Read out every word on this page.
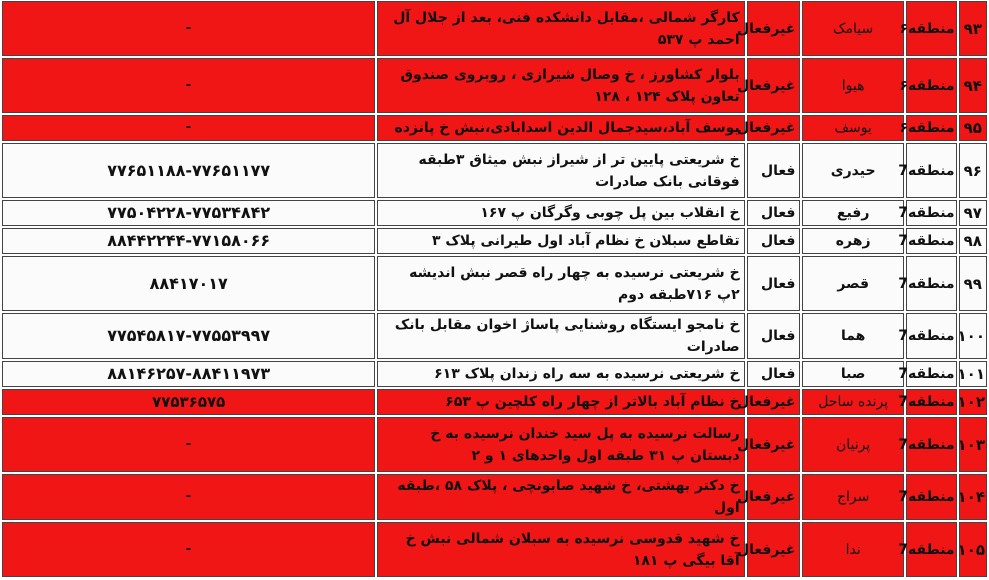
۹۳	منطقه۶	سیامک	غیرفعال	کارگر شمالی ،مقابل دانشکده فنی، بعد از جلال آل احمد پ ۵۳۷	-
۹۴	منطقه۶	هیوا	غیرفعال	بلوار کشاورز ، خ وصال شیرازی ، روبروی صندوق تعاون پلاک ۱۲۴ ، ۱۲۸	-
۹۵	منطقه۶	یوسف	غیرفعال	یوسف آباد،سیدجمال الدین اسدابادی،نبش خ پانزده	-
۹۶	منطقه7	حیدری	فعال	خ شریعتی پایین تر از شیراز نبش میثاق ۳طبقه فوقانی بانک صادرات	۷۷۶۵۱۱۸۸-۷۷۶۵۱۱۷۷
۹۷	منطقه7	رفیع	فعال	خ انقلاب بین پل چوبی وگرگان پ ۱۶۷	۷۷۵۰۴۲۲۸-۷۷۵۳۴۸۴۲
۹۸	منطقه7	زهره	فعال	تقاطع سبلان خ نظام آباد اول طیرانی پلاک ۳	۸۸۴۴۲۲۴۴-۷۷۱۵۸۰۶۶
۹۹	منطقه7	قصر	فعال	خ شریعتی نرسیده به چهار راه قصر نبش اندیشه ۲پ ۷۱۶طبقه دوم	۸۸۴۱۷۰۱۷
۱۰۰	منطقه7	هما	فعال	خ نامجو ایستگاه روشنایی پاساژ اخوان مقابل بانک صادرات	۷۷۵۴۵۸۱۷-۷۷۵۵۳۹۹۷
۱۰۱	منطقه7	صبا	فعال	خ شریعتی نرسیده به سه راه زندان پلاک ۶۱۳	۸۸۱۴۶۲۵۷-۸۸۴۱۱۹۷۳
۱۰۲	منطقه7	پرنده ساحل	غیرفعال	خ نظام آباد بالاتر از چهار راه کلچین پ ۶۵۳	۷۷۵۳۶۵۷۵
۱۰۳	منطقه7	پرنیان	غیرفعال	رسالت نرسیده به پل سید خندان نرسیده به خ دبستان پ ۳۱ طبقه اول واحدهای ۱ و ۲	-
۱۰۴	منطقه7	سراج	غیرفعال	خ دکتر بهشتی، خ شهید صابونچی ، پلاک ۵۸ ،طبقه اول	-
۱۰۵	منطقه7	ندا	غیرفعال	خ شهید قدوسی نرسیده به سبلان شمالی نبش خ آقا بیگی پ ۱۸۱	-
